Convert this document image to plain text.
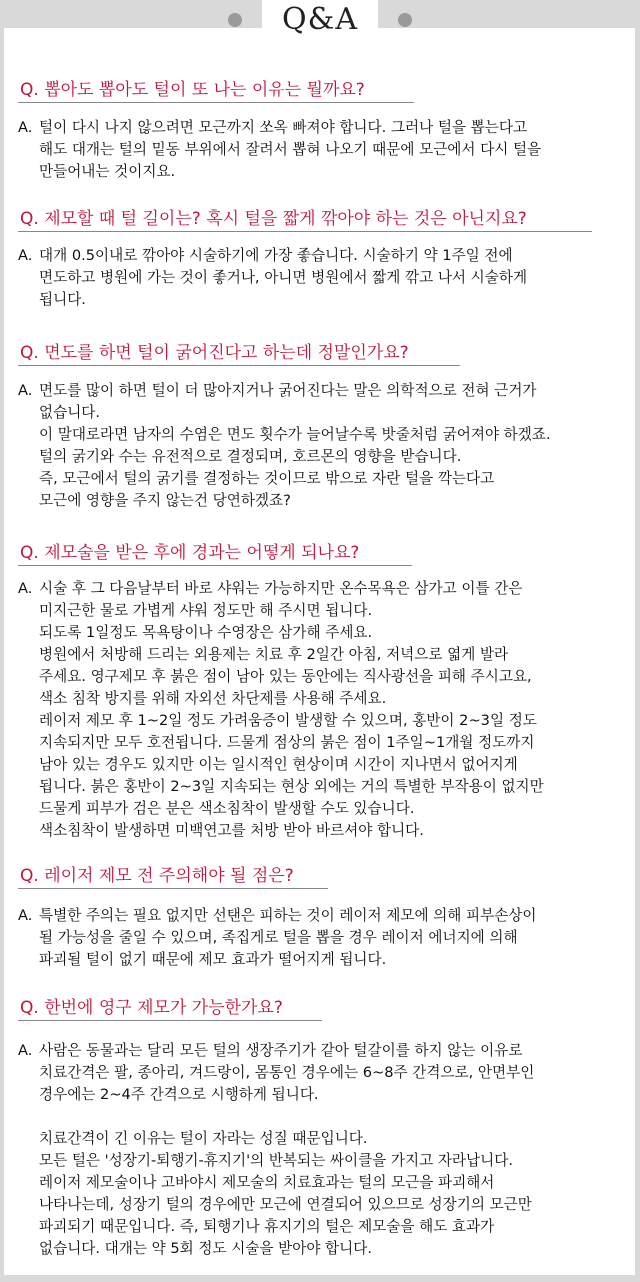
Q&A
Q. 뽑아도 뽑아도 털이 또 나는 이유는 뭘까요?
A. 털이 다시 나지 않으려면 모근까지 쏘옥 빠져야 합니다. 그러나 털을 뽑는다고
해도 대개는 털의 밑동 부위에서 잘려서 뽑혀 나오기 때문에 모근에서 다시 털을
만들어내는 것이지요.
Q. 제모할 때 털 길이는? 혹시 털을 짧게 깎아야 하는 것은 아닌지요?
A. 대개 0.5이내로 깎아야 시술하기에 가장 좋습니다. 시술하기 약 1주일 전에
면도하고 병원에 가는 것이 좋거나, 아니면 병원에서 짧게 깎고 나서 시술하게
됩니다.
Q. 면도를 하면 털이 굵어진다고 하는데 정말인가요?
A. 면도를 많이 하면 털이 더 많아지거나 굵어진다는 말은 의학적으로 전혀 근거가
없습니다.
이 말대로라면 남자의 수염은 면도 횟수가 늘어날수록 밧줄처럼 굵어져야 하겠죠.
털의 굵기와 수는 유전적으로 결정되며, 호르몬의 영향을 받습니다.
즉, 모근에서 털의 굵기를 결정하는 것이므로 밖으로 자란 털을 깍는다고
모근에 영향을 주지 않는건 당연하겠죠?
Q. 제모술을 받은 후에 경과는 어떻게 되나요?
A. 시술 후 그 다음날부터 바로 샤워는 가능하지만 온수목욕은 삼가고 이틀 간은
미지근한 물로 가볍게 샤워 정도만 해 주시면 됩니다.
되도록 1일정도 목욕탕이나 수영장은 삼가해 주세요.
병원에서 처방해 드리는 외용제는 치료 후 2일간 아침, 저녁으로 엷게 발라
주세요. 영구제모 후 붉은 점이 남아 있는 동안에는 직사광선을 피해 주시고요,
색소 침착 방지를 위해 자외선 차단제를 사용해 주세요.
레이저 제모 후 1~2일 정도 가려움증이 발생할 수 있으며, 홍반이 2~3일 정도
지속되지만 모두 호전됩니다. 드물게 점상의 붉은 점이 1주일~1개월 정도까지
남아 있는 경우도 있지만 이는 일시적인 현상이며 시간이 지나면서 없어지게
됩니다. 붉은 홍반이 2~3일 지속되는 현상 외에는 거의 특별한 부작용이 없지만
드물게 피부가 검은 분은 색소침착이 발생할 수도 있습니다.
색소침착이 발생하면 미백연고를 처방 받아 바르셔야 합니다.
Q. 레이저 제모 전 주의해야 될 점은?
A. 특별한 주의는 필요 없지만 선탠은 피하는 것이 레이저 제모에 의해 피부손상이
될 가능성을 줄일 수 있으며, 족집게로 털을 뽑을 경우 레이저 에너지에 의해
파괴될 털이 없기 때문에 제모 효과가 떨어지게 됩니다.
Q. 한번에 영구 제모가 가능한가요?
A. 사람은 동물과는 달리 모든 털의 생장주기가 같아 털갈이를 하지 않는 이유로
치료간격은 팔, 종아리, 겨드랑이, 몸통인 경우에는 6~8주 간격으로, 안면부인
경우에는 2~4주 간격으로 시행하게 됩니다.

치료간격이 긴 이유는 털이 자라는 성질 때문입니다.
모든 털은 '성장기-퇴행기-휴지기'의 반복되는 싸이클을 가지고 자라납니다.
레이저 제모술이나 고바야시 제모술의 치료효과는 털의 모근을 파괴해서
나타나는데, 성장기 털의 경우에만 모근에 연결되어 있으므로 성장기의 모근만
파괴되기 때문입니다. 즉, 퇴행기나 휴지기의 털은 제모술을 해도 효과가
없습니다. 대개는 약 5회 정도 시술을 받아야 합니다.
